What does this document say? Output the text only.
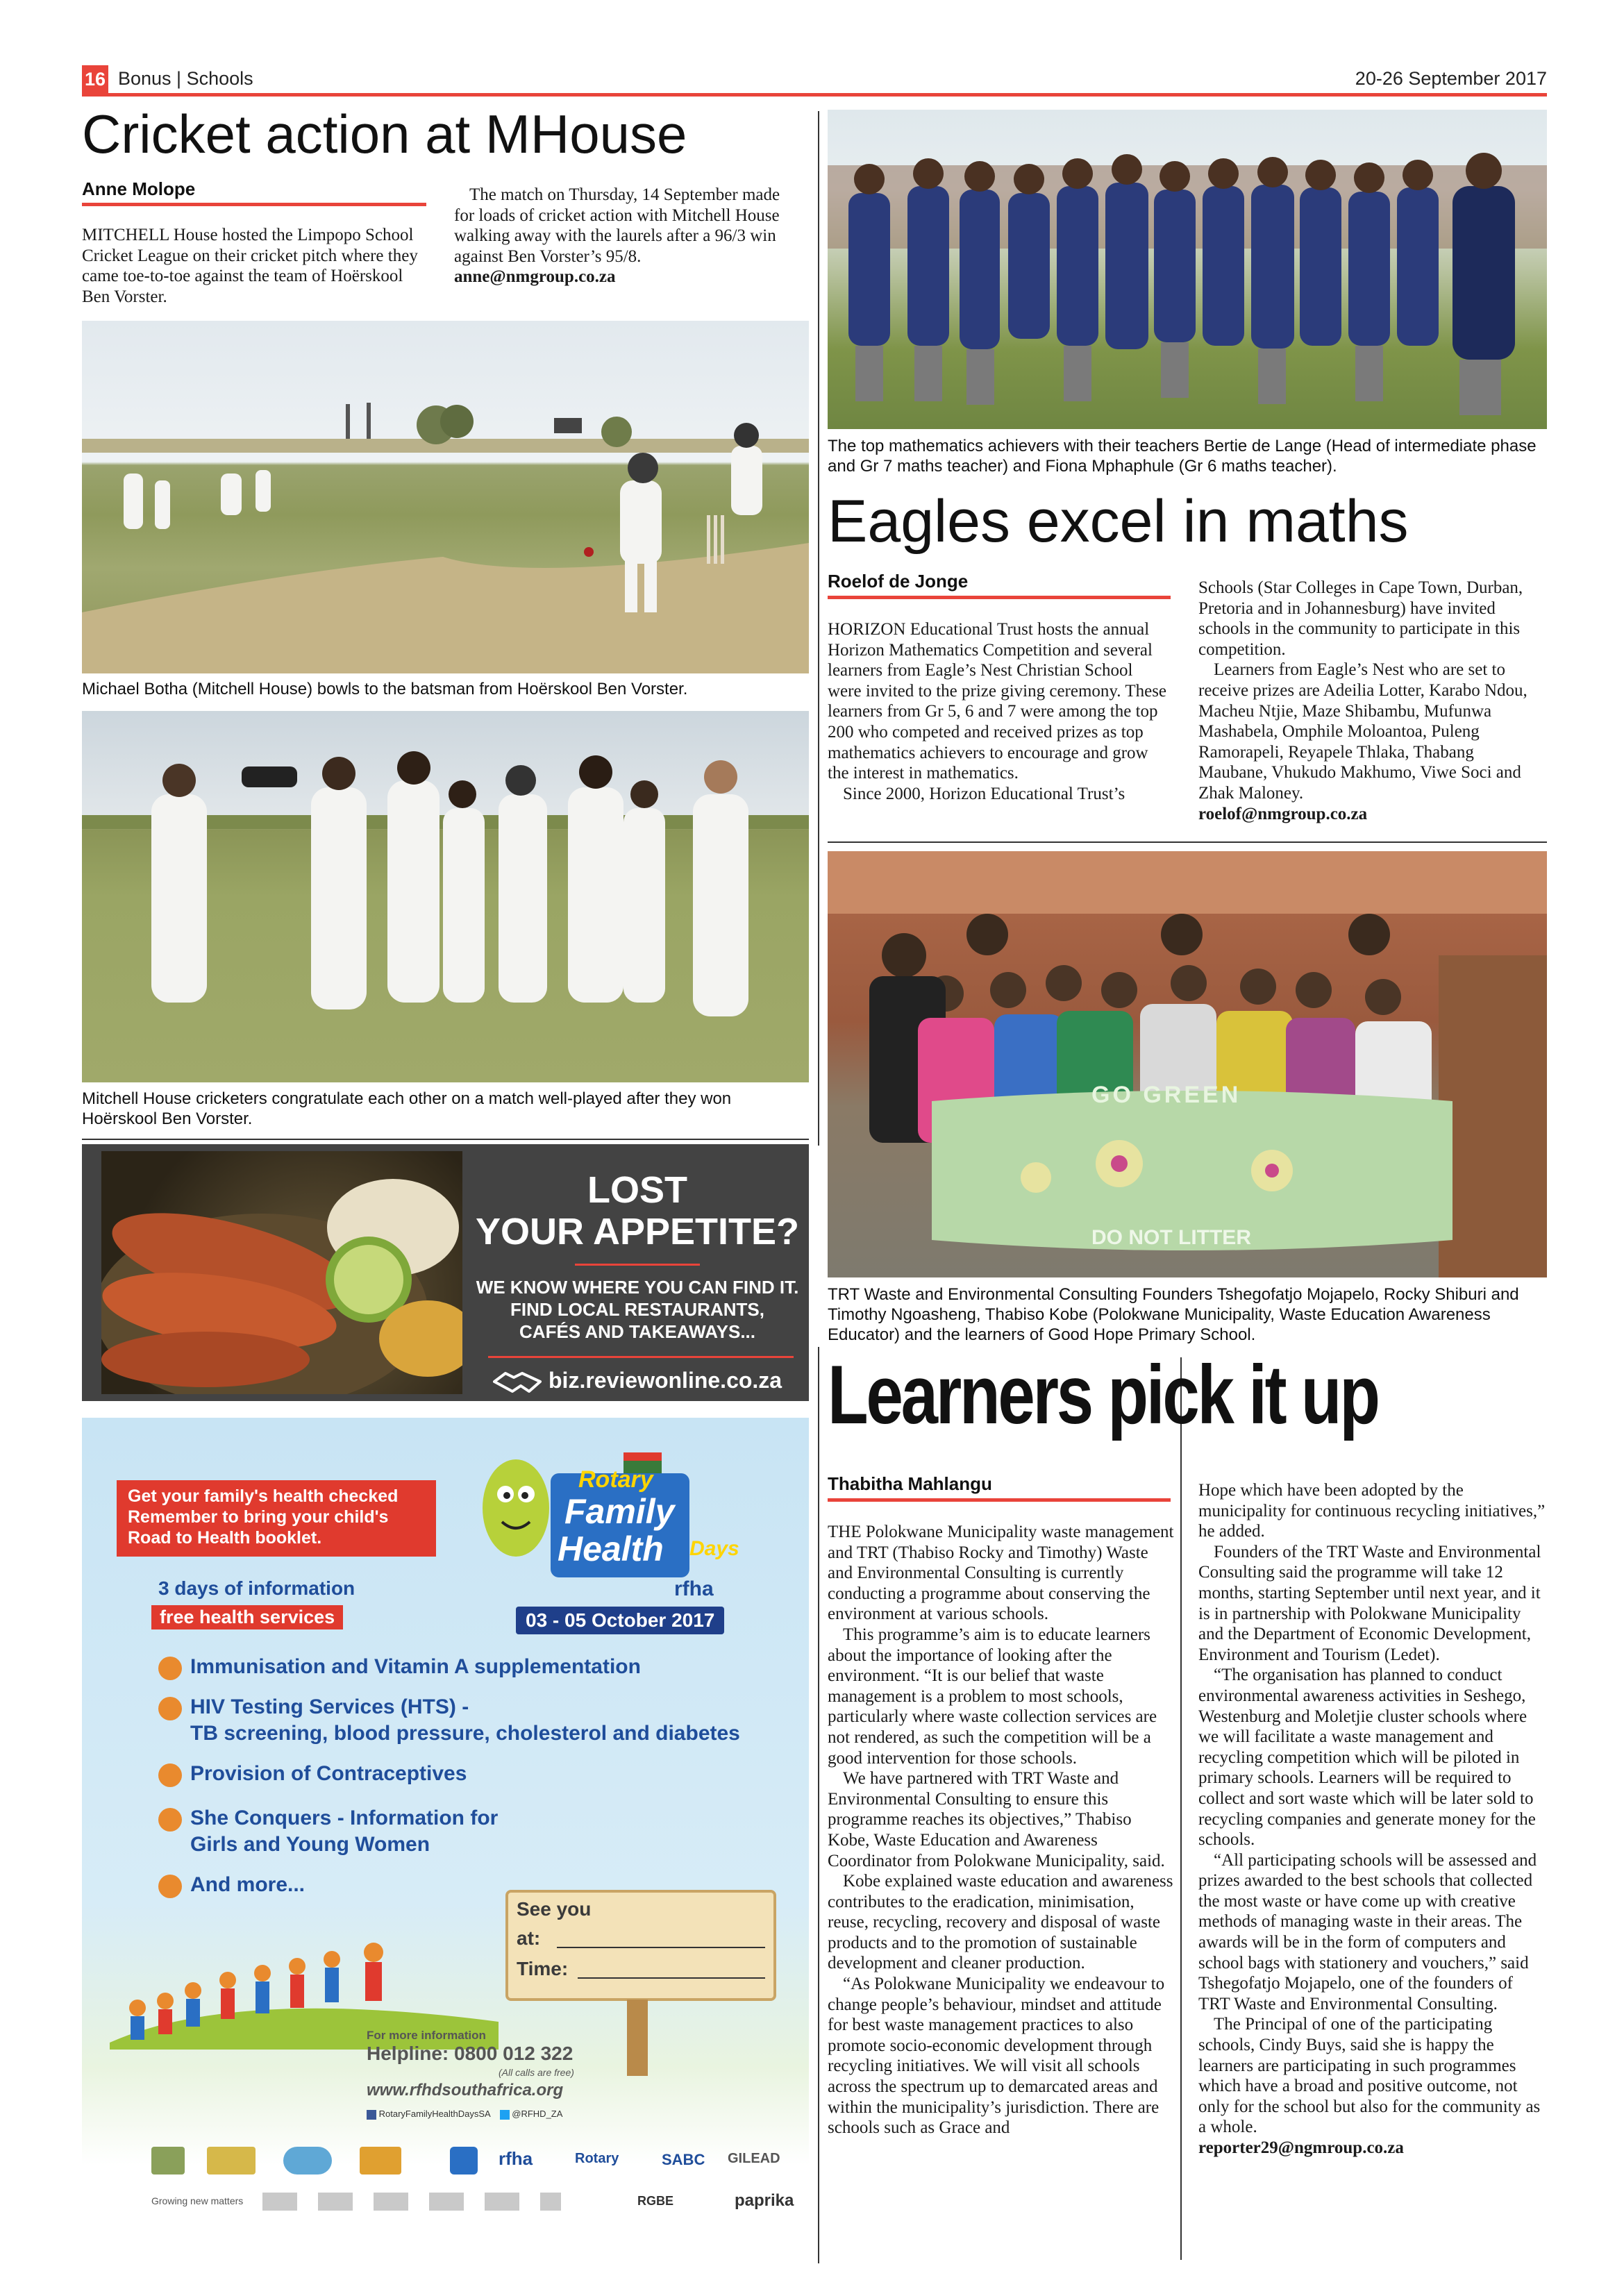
16 Bonus | Schools	20-26 September 2017
Cricket action at MHouse
Anne Molope

MITCHELL House hosted the Limpopo School Cricket League on their cricket pitch where they came toe-to-toe against the team of Hoërskool Ben Vorster.

The match on Thursday, 14 September made for loads of cricket action with Mitchell House walking away with the laurels after a 96/3 win against Ben Vorster’s 95/8.

anne@nmgroup.co.za
Michael Botha (Mitchell House) bowls to the batsman from Hoërskool Ben Vorster.
Mitchell House cricketers congratulate each other on a match well-played after they won Hoërskool Ben Vorster.
LOST
YOUR APPETITE?
WE KNOW WHERE YOU CAN FIND IT.
FIND LOCAL RESTAURANTS,
CAFÉS AND TAKEAWAYS...
biz.reviewonline.co.za
Get your family's health checked
Remember to bring your child's
Road to Health booklet.
3 days of information
free health services
Rotary
Family
Health Days
rfha
03 - 05 October 2017
Immunisation and Vitamin A supplementation
HIV Testing Services (HTS) -
TB screening, blood pressure, cholesterol and diabetes
Provision of Contraceptives
She Conquers - Information for
Girls and Young Women
And more...
See you
at:
Time:
For more information
Helpline: 0800 012 322
(All calls are free)
www.rfhdsouthafrica.org
RotaryFamilyHealthDaysSA @RFHD_ZA
rfha	Rotary	SABC GILEAD
Growing new matters	RGBE	paprika
The top mathematics achievers with their teachers Bertie de Lange (Head of intermediate phase and Gr 7 maths teacher) and Fiona Mphaphule (Gr 6 maths teacher).
Eagles excel in maths
Roelof de Jonge

HORIZON Educational Trust hosts the annual Horizon Mathematics Competition and several learners from Eagle’s Nest Christian School were invited to the prize giving ceremony. These learners from Gr 5, 6 and 7 were among the top 200 who competed and received prizes as top mathematics achievers to encourage and grow the interest in mathematics.

Since 2000, Horizon Educational Trust’s

Schools (Star Colleges in Cape Town, Durban, Pretoria and in Johannesburg) have invited schools in the community to participate in this competition.

Learners from Eagle’s Nest who are set to receive prizes are Adeilia Lotter, Karabo Ndou, Macheu Ntjie, Maze Shibambu, Mufunwa Mashabela, Omphile Moloantoa, Puleng Ramorapeli, Reyapele Thlaka, Thabang Maubane, Vhukudo Makhumo, Viwe Soci and Zhak Maloney.

roelof@nmgroup.co.za
GO GREEN
DO NOT LITTER
TRT Waste and Environmental Consulting Founders Tshegofatjo Mojapelo, Rocky Shiburi and Timothy Ngoasheng, Thabiso Kobe (Polokwane Municipality, Waste Education Awareness Educator) and the learners of Good Hope Primary School.
Learners pick it up
Thabitha Mahlangu

THE Polokwane Municipality waste management and TRT (Thabiso Rocky and Timothy) Waste and Environmental Consulting is currently conducting a programme about conserving the environment at various schools.

This programme’s aim is to educate learners about the importance of looking after the environment. “It is our belief that waste management is a problem to most schools, particularly where waste collection services are not rendered, as such the competition will be a good intervention for those schools.

We have partnered with TRT Waste and Environmental Consulting to ensure this programme reaches its objectives,” Thabiso Kobe, Waste Education and Awareness Coordinator from Polokwane Municipality, said.

Kobe explained waste education and awareness contributes to the eradication, minimisation, reuse, recycling, recovery and disposal of waste products and to the promotion of sustainable development and cleaner production.

“As Polokwane Municipality we endeavour to change people’s behaviour, mindset and attitude for best waste management practices to also promote socio-economic development through recycling initiatives. We will visit all schools across the spectrum up to demarcated areas and within the municipality’s jurisdiction. There are schools such as Grace and

Hope which have been adopted by the municipality for continuous recycling initiatives,” he added.

Founders of the TRT Waste and Environmental Consulting said the programme will take 12 months, starting September until next year, and it is in partnership with Polokwane Municipality and the Department of Economic Development, Environment and Tourism (Ledet).

“The organisation has planned to conduct environmental awareness activities in Seshego, Westenburg and Moletjie cluster schools where we will facilitate a waste management and recycling competition which will be piloted in primary schools. Learners will be required to collect and sort waste which will be later sold to recycling companies and generate money for the schools.

“All participating schools will be assessed and prizes awarded to the best schools that collected the most waste or have come up with creative methods of managing waste in their areas. The awards will be in the form of computers and school bags with stationery and vouchers,” said Tshegofatjo Mojapelo, one of the founders of TRT Waste and Environmental Consulting.

The Principal of one of the participating schools, Cindy Buys, said she is happy the learners are participating in such programmes which have a broad and positive outcome, not only for the school but also for the community as a whole.

reporter29@ngmroup.co.za
